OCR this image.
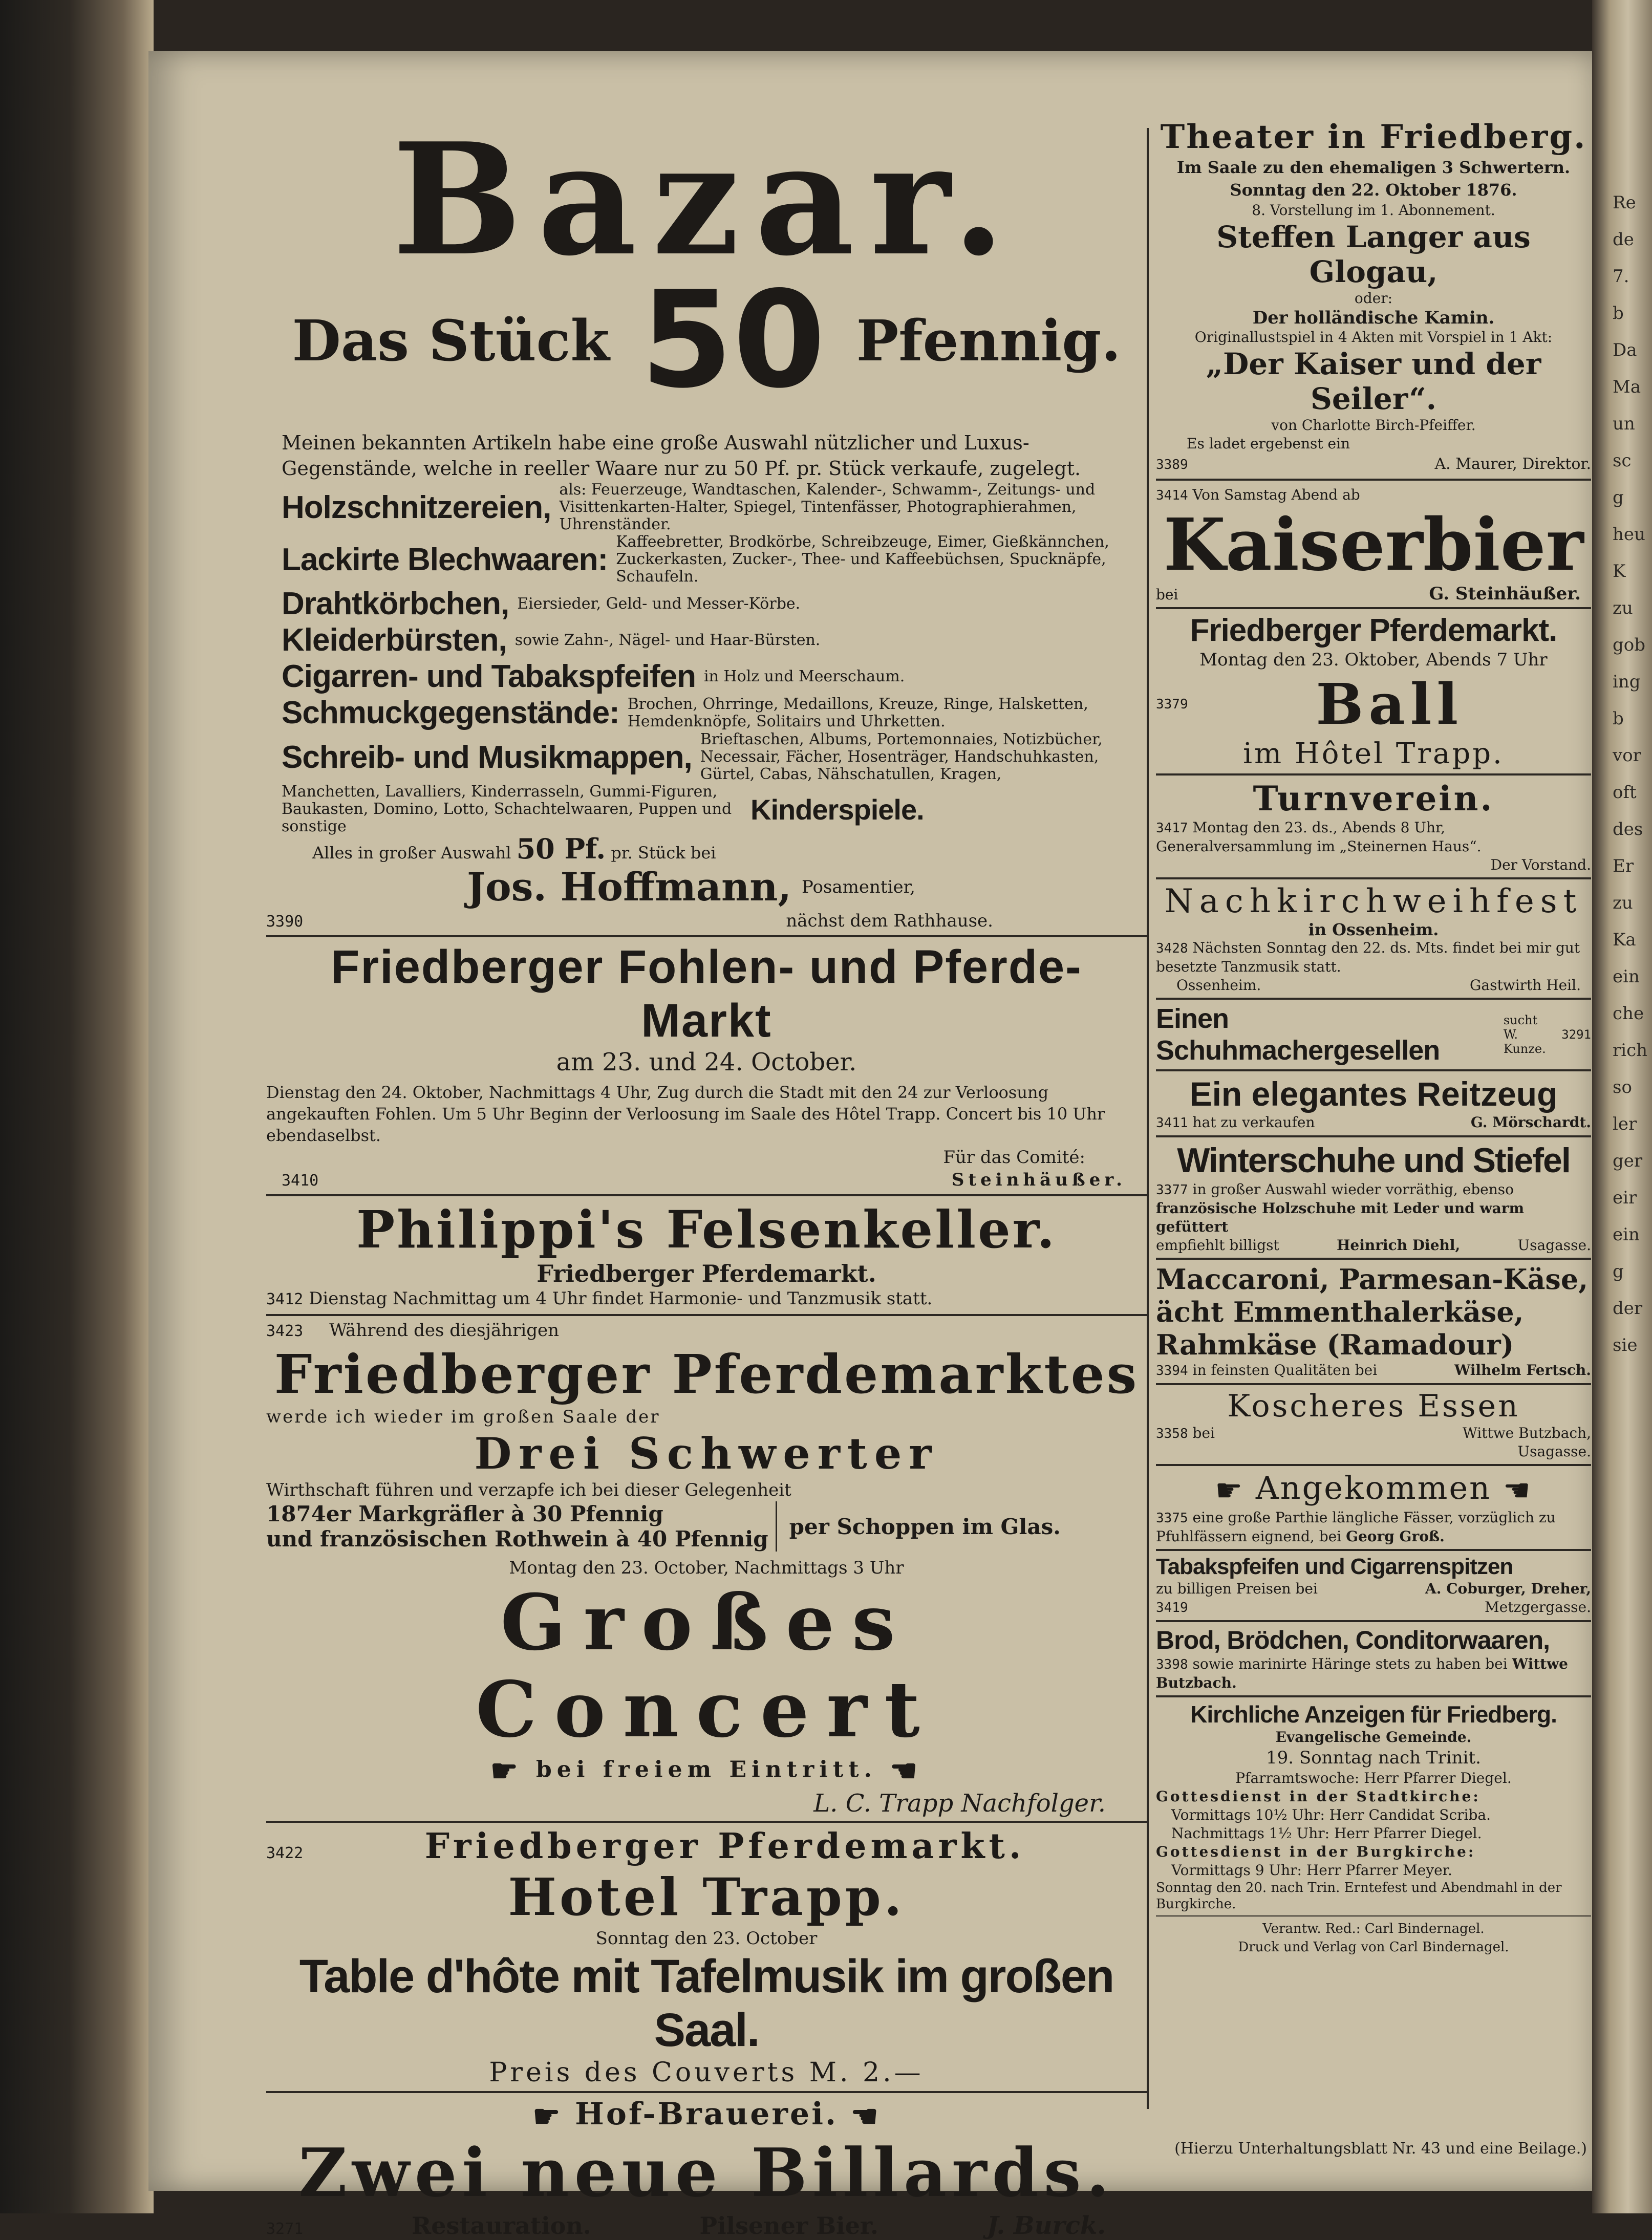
Re
de
7.
b
Da
Ma
un
sc
g
heu
K
zu
gob
ing
b
vor
oft
des
Er
zu
Ka
ein
che
rich
so
ler
ger
eir
ein
g
der
sie
Bazar.
Das Stück 50 Pfennig.
Meinen bekannten Artikeln habe eine große Auswahl nützlicher und Luxus-Gegenstände, welche in reeller Waare nur zu 50 Pf. pr. Stück verkaufe, zugelegt.
Holzschnitzereien, als: Feuerzeuge, Wandtaschen, Kalender-, Schwamm-, Zeitungs- und Visittenkarten-Halter, Spiegel, Tintenfässer, Photographierahmen, Uhrenständer.
Lackirte Blechwaaren: Kaffeebretter, Brodkörbe, Schreibzeuge, Eimer, Gießkännchen, Zuckerkasten, Zucker-, Thee- und Kaffeebüchsen, Spucknäpfe, Schaufeln.
Drahtkörbchen, Eiersieder, Geld- und Messer-Körbe.
Kleiderbürsten, sowie Zahn-, Nägel- und Haar-Bürsten.
Cigarren- und Tabakspfeifen in Holz und Meerschaum.
Schmuckgegenstände: Brochen, Ohrringe, Medaillons, Kreuze, Ringe, Halsketten, Hemdenknöpfe, Solitairs und Uhrketten.
Schreib- und Musikmappen, Brieftaschen, Albums, Portemonnaies, Notizbücher, Necessair, Fächer, Hosenträger, Handschuhkasten, Gürtel, Cabas, Nähschatullen, Kragen,
Manchetten, Lavalliers, Kinderrasseln, Gummi-Figuren, Baukasten, Domino, Lotto, Schachtelwaaren, Puppen und sonstige
Kinderspiele.
Alles in großer Auswahl 50 Pf. pr. Stück bei
Jos. Hoffmann, Posamentier,
3390	nächst dem Rathhause.
Friedberger Fohlen- und Pferde-Markt
am 23. und 24. October.
Dienstag den 24. Oktober, Nachmittags 4 Uhr, Zug durch die Stadt mit den 24 zur Verloosung angekauften Fohlen. Um 5 Uhr Beginn der Verloosung im Saale des Hôtel Trapp. Concert bis 10 Uhr ebendaselbst.
Für das Comité:
3410	Steinhäußer.
Philippi's Felsenkeller.
Friedberger Pferdemarkt.
3412 Dienstag Nachmittag um 4 Uhr findet Harmonie- und Tanzmusik statt.
3423 Während des diesjährigen
Friedberger Pferdemarktes
werde ich wieder im großen Saale der
Drei Schwerter
Wirthschaft führen und verzapfe ich bei dieser Gelegenheit
1874er Markgräfler à 30 Pfennig
und französischen Rothwein à 40 Pfennig per Schoppen im Glas.
Montag den 23. October, Nachmittags 3 Uhr
Großes Concert
☛ bei freiem Eintritt. ☚
L. C. Trapp Nachfolger.
3422	Friedberger Pferdemarkt.
Hotel Trapp.
Sonntag den 23. October
Table d'hôte mit Tafelmusik im großen Saal.
Preis des Couverts M. 2.—
☛ Hof-Brauerei. ☚
Zwei neue Billards.
3271	Restauration.	Pilsener Bier.	J. Burck.
Theater in Friedberg.
Im Saale zu den ehemaligen 3 Schwertern.
Sonntag den 22. Oktober 1876.
8. Vorstellung im 1. Abonnement.
Steffen Langer aus Glogau,
oder:
Der holländische Kamin.
Originallustspiel in 4 Akten mit Vorspiel in 1 Akt:
„Der Kaiser und der Seiler“.
von Charlotte Birch-Pfeiffer.
Es ladet ergebenst ein
3389	A. Maurer, Direktor.
3414 Von Samstag Abend ab
Kaiserbier
bei	G. Steinhäußer.
Friedberger Pferdemarkt.
Montag den 23. Oktober, Abends 7 Uhr
3379	Ball
im Hôtel Trapp.
Turnverein.
3417 Montag den 23. ds., Abends 8 Uhr, Generalversammlung im „Steinernen Haus“.
Der Vorstand.
Nachkirchweihfest
in Ossenheim.
3428 Nächsten Sonntag den 22. ds. Mts. findet bei mir gut besetzte Tanzmusik statt.
Ossenheim.	Gastwirth Heil.
Einen Schuhmachergesellen
sucht
W. Kunze.
3291
Ein elegantes Reitzeug
3411 hat zu verkaufen	G. Mörschardt.
Winterschuhe und Stiefel
3377 in großer Auswahl wieder vorräthig, ebenso
französische Holzschuhe mit Leder und warm gefüttert
empfiehlt billigst	Heinrich Diehl,	Usagasse.
Maccaroni, Parmesan-Käse,
ächt Emmenthalerkäse, Rahmkäse (Ramadour)
3394 in feinsten Qualitäten bei	Wilhelm Fertsch.
Koscheres Essen
3358 bei	Wittwe Butzbach,
Usagasse.
☛ Angekommen ☚
3375 eine große Parthie längliche Fässer, vorzüglich zu Pfuhlfässern eignend, bei Georg Groß.
Tabakspfeifen und Cigarrenspitzen
zu billigen Preisen bei	A. Coburger, Dreher,
3419	Metzgergasse.
Brod, Brödchen, Conditorwaaren,
3398 sowie marinirte Häringe stets zu haben bei Wittwe Butzbach.
Kirchliche Anzeigen für Friedberg.
Evangelische Gemeinde.
19. Sonntag nach Trinit.
Pfarramtswoche: Herr Pfarrer Diegel.
Gottesdienst in der Stadtkirche:
Vormittags 10½ Uhr: Herr Candidat Scriba.
Nachmittags 1½ Uhr: Herr Pfarrer Diegel.
Gottesdienst in der Burgkirche:
Vormittags 9 Uhr: Herr Pfarrer Meyer.
Sonntag den 20. nach Trin. Erntefest und Abendmahl in der Burgkirche.
Verantw. Red.: Carl Bindernagel.
Druck und Verlag von Carl Bindernagel.
(Hierzu Unterhaltungsblatt Nr. 43 und eine Beilage.)
